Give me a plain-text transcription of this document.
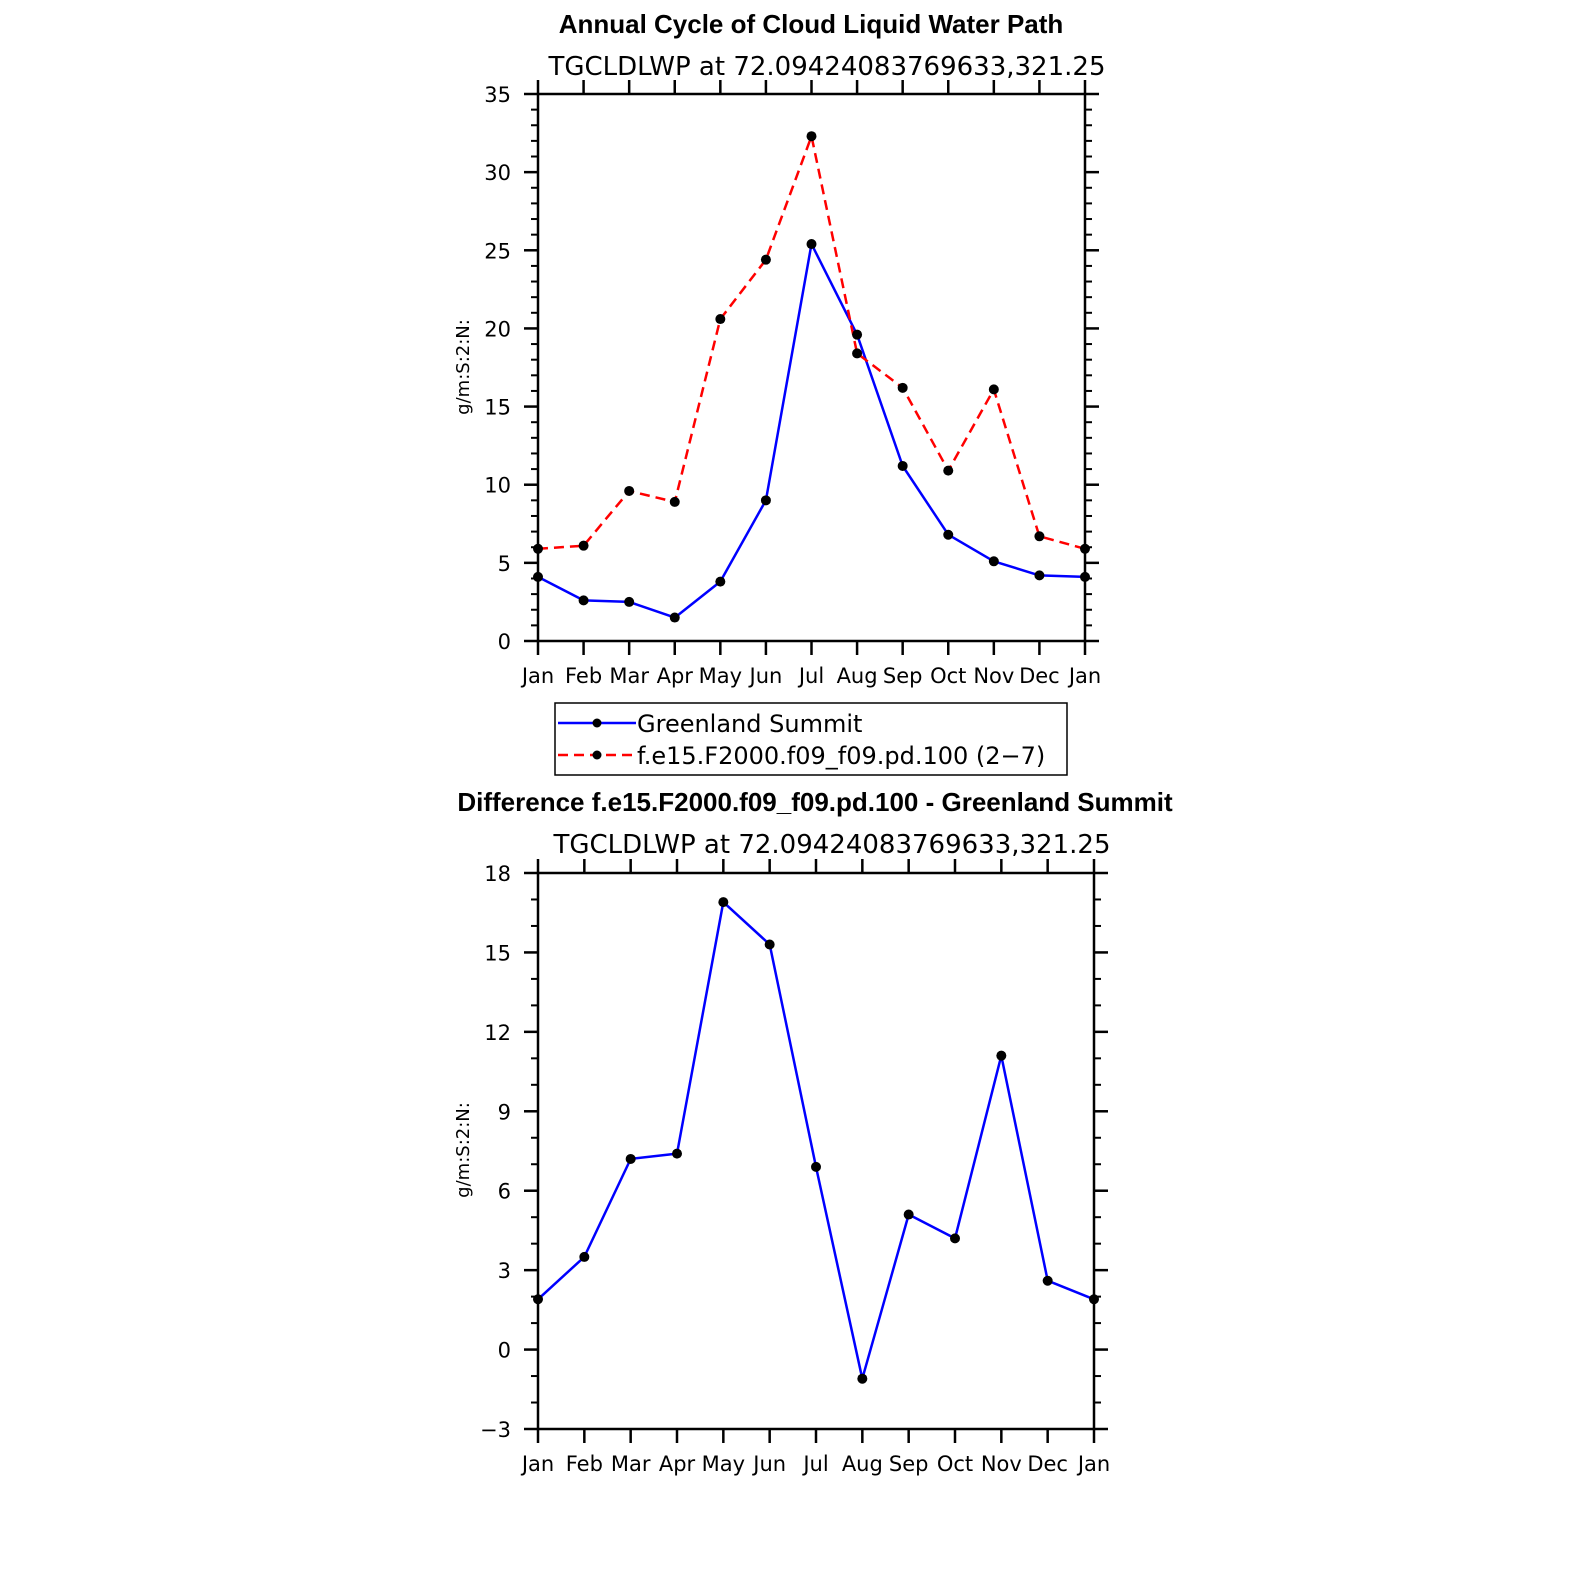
Annual Cycle of Cloud Liquid Water Path
TGCLDLWP at 72.09424083769633,321.25
g/m:S:2:N:
0
5
10
15
20
25
30
35
Jan Feb Mar Apr May Jun Jul Aug Sep Oct Nov Dec Jan
Greenland Summit
f.e15.F2000.f09_f09.pd.100 (2−7)
Difference f.e15.F2000.f09_f09.pd.100 - Greenland Summit
TGCLDLWP at 72.09424083769633,321.25
g/m:S:2:N:
−3
0
3
6
9
12
15
18
Jan Feb Mar Apr May Jun Jul Aug Sep Oct Nov Dec Jan
